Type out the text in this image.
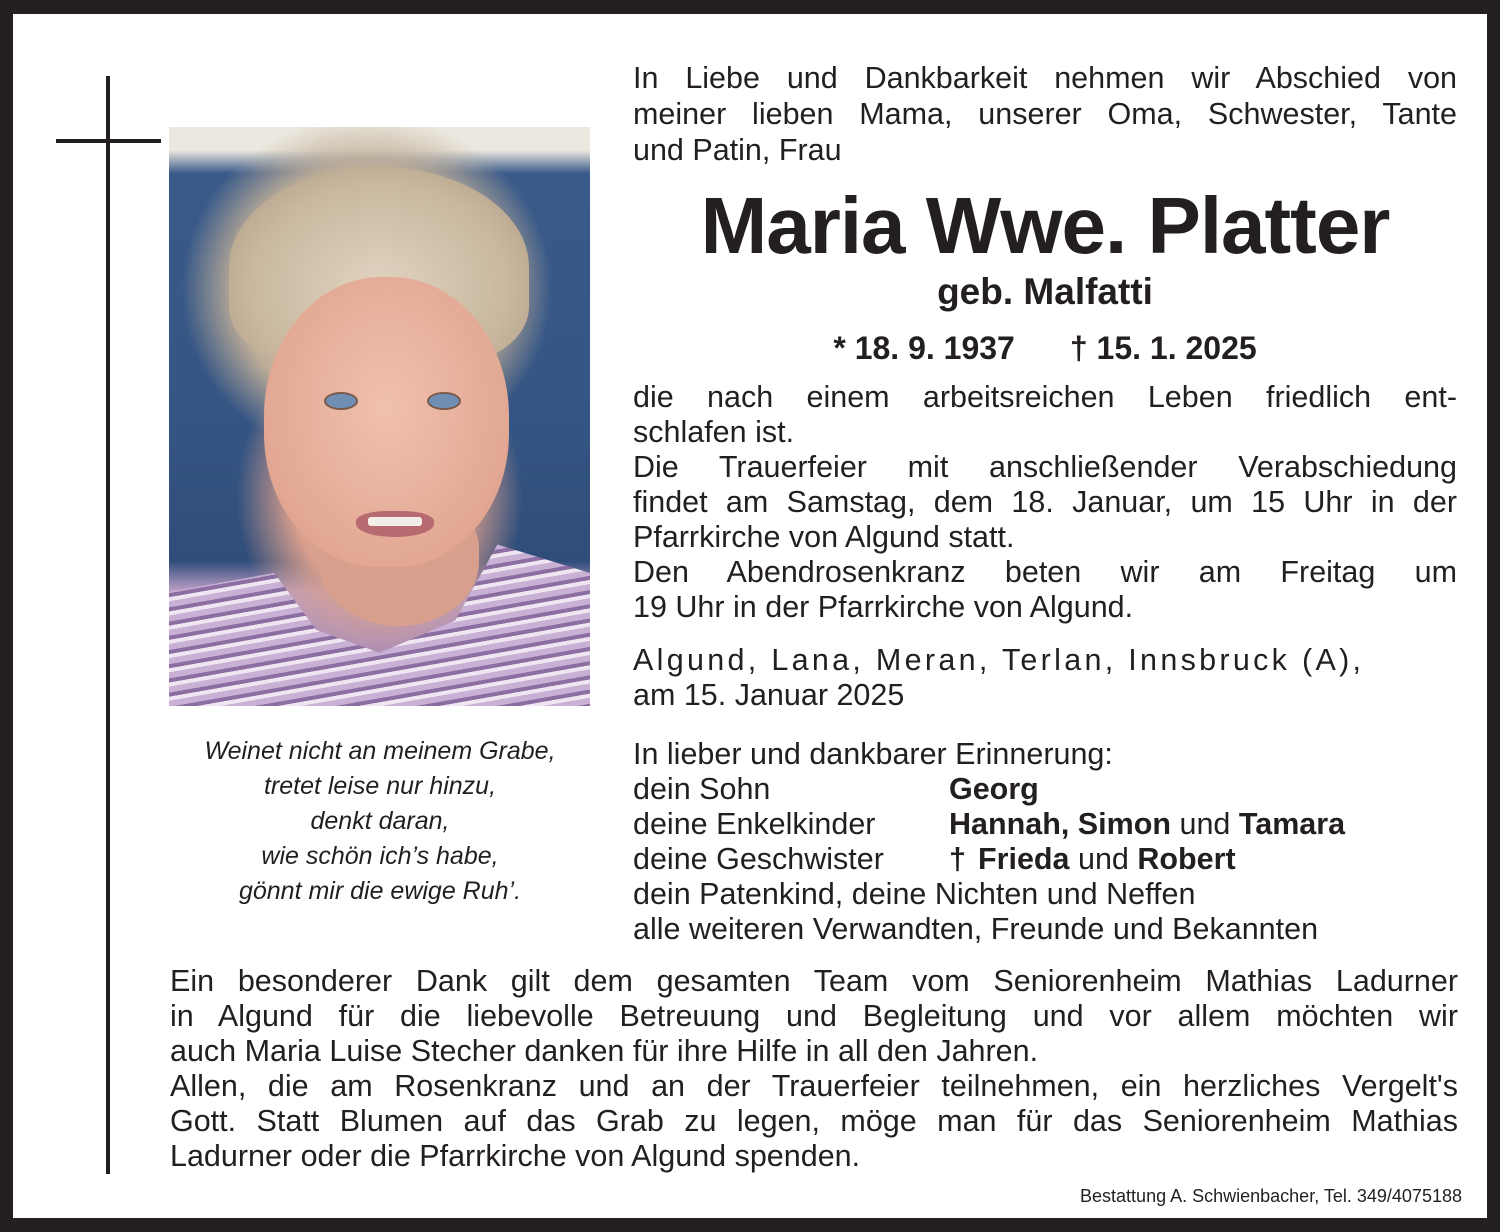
Weinet nicht an meinem Grabe,
tretet leise nur hinzu,
denkt daran,
wie schön ich’s habe,
gönnt mir die ewige Ruh’.
In Liebe und Dankbarkeit nehmen wir Abschied von
meiner lieben Mama, unserer Oma, Schwester, Tante
und Patin, Frau
Maria Wwe. Platter
geb. Malfatti
* 18. 9. 1937 † 15. 1. 2025
die nach einem arbeitsreichen Leben friedlich ent-
schlafen ist.
Die Trauerfeier mit anschließender Verabschiedung
findet am Samstag, dem 18. Januar, um 15 Uhr in der
Pfarrkirche von Algund statt.
Den Abendrosenkranz beten wir am Freitag um
19 Uhr in der Pfarrkirche von Algund.
Algund, Lana, Meran, Terlan, Innsbruck (A),
am 15. Januar 2025
In lieber und dankbarer Erinnerung:
dein Sohn	Georg
deine Enkelkinder	Hannah, Simon und Tamara
deine Geschwister	† Frieda und Robert
dein Patenkind, deine Nichten und Neffen
alle weiteren Verwandten, Freunde und Bekannten
Ein besonderer Dank gilt dem gesamten Team vom Seniorenheim Mathias Ladurner
in Algund für die liebevolle Betreuung und Begleitung und vor allem möchten wir
auch Maria Luise Stecher danken für ihre Hilfe in all den Jahren.
Allen, die am Rosenkranz und an der Trauerfeier teilnehmen, ein herzliches Vergelt's
Gott. Statt Blumen auf das Grab zu legen, möge man für das Seniorenheim Mathias
Ladurner oder die Pfarrkirche von Algund spenden.
Bestattung A. Schwienbacher, Tel. 349/4075188
